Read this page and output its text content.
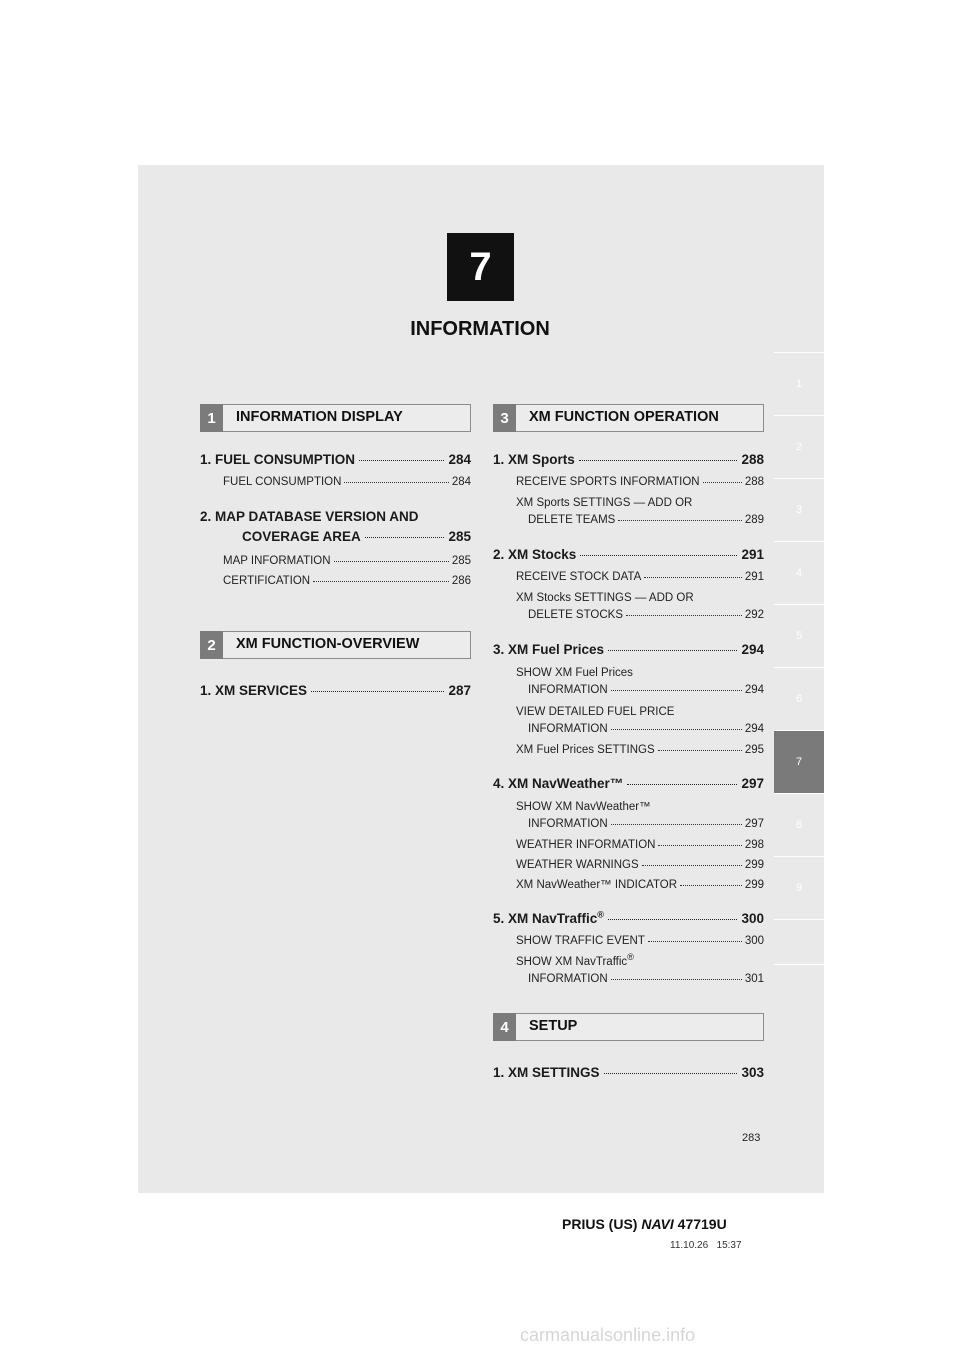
7
INFORMATION
1
2
3
4
5
6
7
8
9
1	INFORMATION DISPLAY
1. FUEL CONSUMPTION	284
FUEL CONSUMPTION	284
2. MAP DATABASE VERSION AND
COVERAGE AREA	285
MAP INFORMATION	285
CERTIFICATION	286
2	XM FUNCTION-OVERVIEW
1. XM SERVICES	287
3	XM FUNCTION OPERATION
1. XM Sports	288
RECEIVE SPORTS INFORMATION	288
XM Sports SETTINGS — ADD OR
DELETE TEAMS	289
2. XM Stocks	291
RECEIVE STOCK DATA	291
XM Stocks SETTINGS — ADD OR
DELETE STOCKS	292
3. XM Fuel Prices	294
SHOW XM Fuel Prices
INFORMATION	294
VIEW DETAILED FUEL PRICE
INFORMATION	294
XM Fuel Prices SETTINGS	295
4. XM NavWeather™	297
SHOW XM NavWeather™
INFORMATION	297
WEATHER INFORMATION	298
WEATHER WARNINGS	299
XM NavWeather™ INDICATOR	299
5. XM NavTraffic®	300
SHOW TRAFFIC EVENT	300
SHOW XM NavTraffic®
INFORMATION	301
4	SETUP
1. XM SETTINGS	303
283
PRIUS (US) NAVI 47719U
11.10.26 15:37
carmanualsonline.info
